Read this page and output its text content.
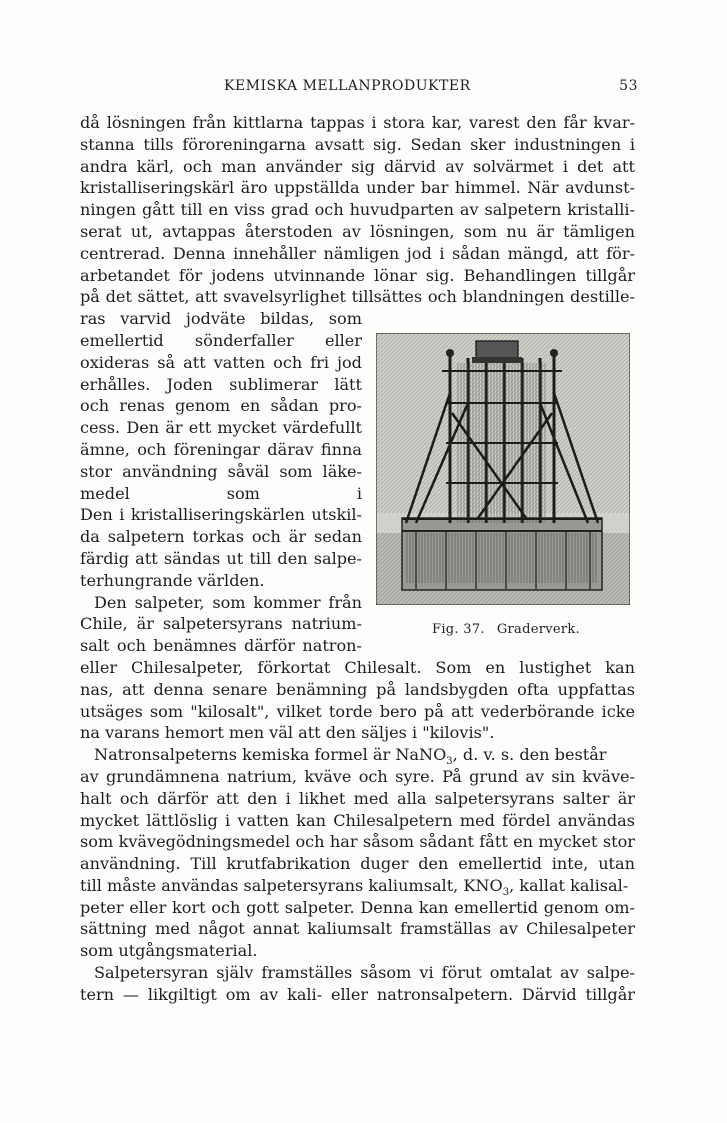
KEMISKA MELLANPRODUKTER	53
då lösningen från kittlarna tappas i stora kar, varest den får kvar-
stanna tills föroreningarna avsatt sig. Sedan sker industningen i
andra kärl, och man använder sig därvid av solvärmet i det att
kristalliseringskärl äro uppställda under bar himmel. När avdunst-
ningen gått till en viss grad och huvudparten av salpetern kristalli-
serat ut, avtappas återstoden av lösningen, som nu är tämligen
centrerad. Denna innehåller nämligen jod i sådan mängd, att för-
arbetandet för jodens utvinnande lönar sig. Behandlingen tillgår
på det sättet, att svavelsyrlighet tillsättes och blandningen destille-
ras varvid jodväte bildas, som
emellertid sönderfaller eller
oxideras så att vatten och fri jod
erhålles. Joden sublimerar lätt
och renas genom en sådan pro-
cess. Den är ett mycket värdefullt
ämne, och föreningar därav finna
stor användning såväl som läke-
medel som i
Den i kristalliseringskärlen utskil-
da salpetern torkas och är sedan
färdig att sändas ut till den salpe-
terhungrande världen.
Den salpeter, som kommer från
Chile, är salpetersyrans natrium-
salt och benämnes därför natron-
eller Chilesalpeter, förkortat Chilesalt. Som en lustighet kan
nas, att denna senare benämning på landsbygden ofta uppfattas
utsäges som "kilosalt", vilket torde bero på att vederbörande icke
na varans hemort men väl att den säljes i "kilovis".
Natronsalpeterns kemiska formel är NaNO$_3$, d. v. s. den består
av grundämnena natrium, kväve och syre. På grund av sin kväve-
halt och därför att den i likhet med alla salpetersyrans salter är
mycket lättlöslig i vatten kan Chilesalpetern med fördel användas
som kvävegödningsmedel och har såsom sådant fått en mycket stor
användning. Till krutfabrikation duger den emellertid inte, utan
till måste användas salpetersyrans kaliumsalt, $KNO_3$, kallat kalisal-
peter eller kort och gott salpeter. Denna kan emellertid genom om-
sättning med något annat kaliumsalt framställas av Chilesalpeter
som utgångsmaterial.
Salpetersyran själv framställes såsom vi förut omtalat av salpe-
tern — likgiltigt om av kali- eller natronsalpetern. Därvid tillgår
Fig. 37. Graderverk.
